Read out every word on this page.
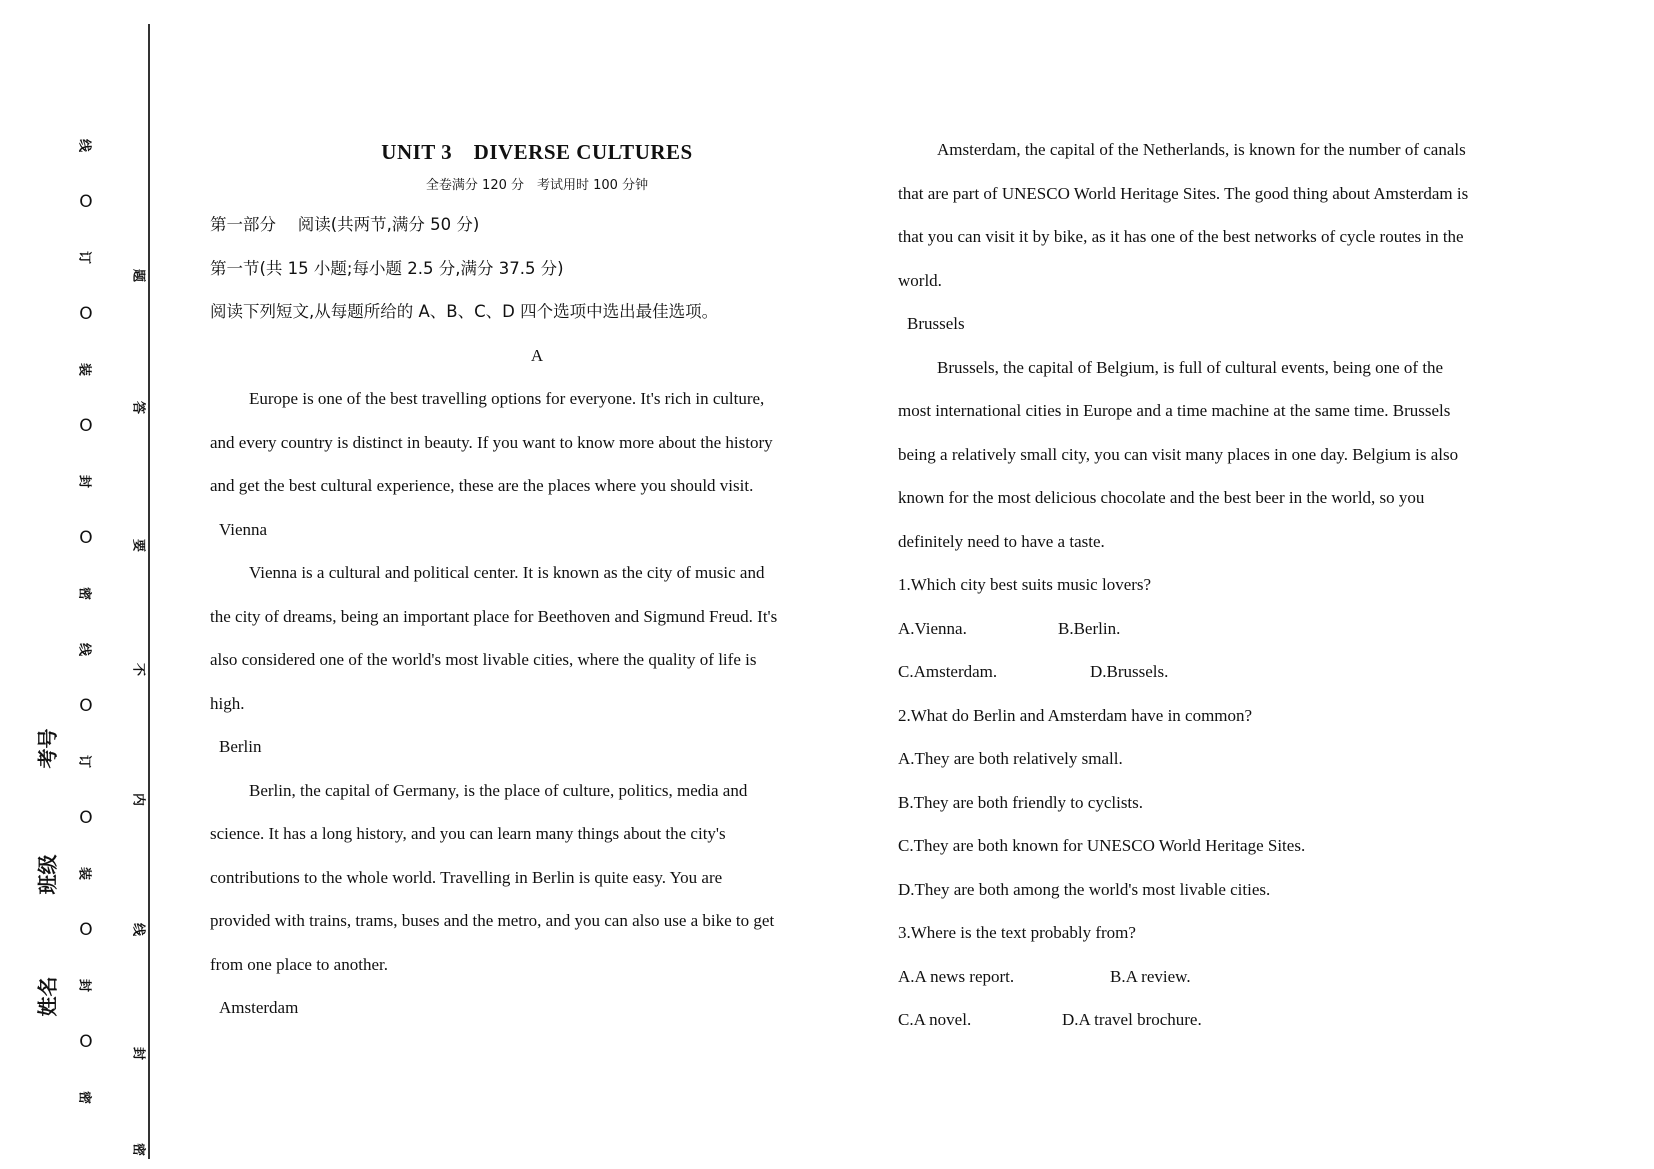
线
O
订
O
装
O
封
O
密
线
O
订
O
装
O
封
O
密
题
答
要
不
内
线
封
密
考号
班级
姓名
UNIT 3　DIVERSE CULTURES
全卷满分 120 分　考试用时 100 分钟

第一部分　 阅读(共两节,满分 50 分)

第一节(共 15 小题;每小题 2.5 分,满分 37.5 分)

阅读下列短文,从每题所给的 A、B、C、D 四个选项中选出最佳选项。

A

Europe is one of the best travelling options for everyone. It's rich in culture,

and every country is distinct in beauty. If you want to know more about the history

and get the best cultural experience, these are the places where you should visit.

Vienna

Vienna is a cultural and political center. It is known as the city of music and

the city of dreams, being an important place for Beethoven and Sigmund Freud. It's

also considered one of the world's most livable cities, where the quality of life is

high.

Berlin

Berlin, the capital of Germany, is the place of culture, politics, media and

science. It has a long history, and you can learn many things about the city's

contributions to the whole world. Travelling in Berlin is quite easy. You are

provided with trains, trams, buses and the metro, and you can also use a bike to get

from one place to another.

Amsterdam

Amsterdam, the capital of the Netherlands, is known for the number of canals

that are part of UNESCO World Heritage Sites. The good thing about Amsterdam is

that you can visit it by bike, as it has one of the best networks of cycle routes in the

world.

Brussels

Brussels, the capital of Belgium, is full of cultural events, being one of the

most international cities in Europe and a time machine at the same time. Brussels

being a relatively small city, you can visit many places in one day. Belgium is also

known for the most delicious chocolate and the best beer in the world, so you

definitely need to have a taste.

1.Which city best suits music lovers?

A.Vienna.	B.Berlin.
C.Amsterdam.	D.Brussels.

2.What do Berlin and Amsterdam have in common?

A.They are both relatively small.

B.They are both friendly to cyclists.

C.They are both known for UNESCO World Heritage Sites.

D.They are both among the world's most livable cities.

3.Where is the text probably from?

A.A news report.	B.A review.
C.A novel.	D.A travel brochure.
